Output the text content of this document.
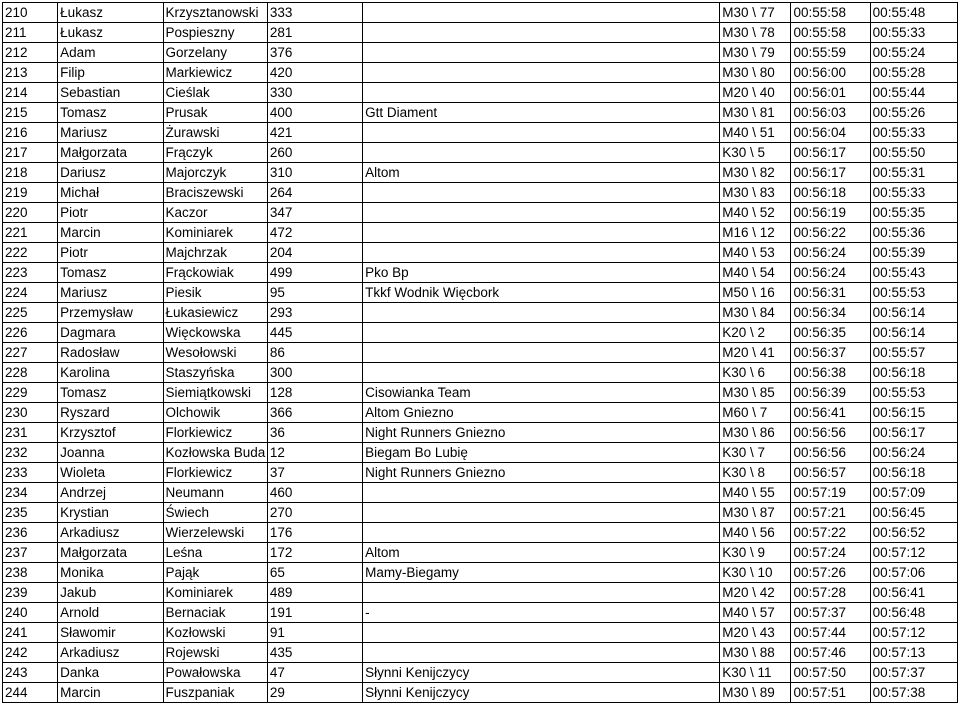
210	Łukasz	Krzysztanowski	333		M30 \ 77	00:55:58	00:55:48
211	Łukasz	Pospieszny	281		M30 \ 78	00:55:58	00:55:33
212	Adam	Gorzelany	376		M30 \ 79	00:55:59	00:55:24
213	Filip	Markiewicz	420		M30 \ 80	00:56:00	00:55:28
214	Sebastian	Cieślak	330		M20 \ 40	00:56:01	00:55:44
215	Tomasz	Prusak	400	Gtt Diament	M30 \ 81	00:56:03	00:55:26
216	Mariusz	Żurawski	421		M40 \ 51	00:56:04	00:55:33
217	Małgorzata	Frączyk	260		K30 \ 5	00:56:17	00:55:50
218	Dariusz	Majorczyk	310	Altom	M30 \ 82	00:56:17	00:55:31
219	Michał	Braciszewski	264		M30 \ 83	00:56:18	00:55:33
220	Piotr	Kaczor	347		M40 \ 52	00:56:19	00:55:35
221	Marcin	Kominiarek	472		M16 \ 12	00:56:22	00:55:36
222	Piotr	Majchrzak	204		M40 \ 53	00:56:24	00:55:39
223	Tomasz	Frąckowiak	499	Pko Bp	M40 \ 54	00:56:24	00:55:43
224	Mariusz	Piesik	95	Tkkf Wodnik Więcbork	M50 \ 16	00:56:31	00:55:53
225	Przemysław	Łukasiewicz	293		M30 \ 84	00:56:34	00:56:14
226	Dagmara	Więckowska	445		K20 \ 2	00:56:35	00:56:14
227	Radosław	Wesołowski	86		M20 \ 41	00:56:37	00:55:57
228	Karolina	Staszyńska	300		K30 \ 6	00:56:38	00:56:18
229	Tomasz	Siemiątkowski	128	Cisowianka Team	M30 \ 85	00:56:39	00:55:53
230	Ryszard	Olchowik	366	Altom Gniezno	M60 \ 7	00:56:41	00:56:15
231	Krzysztof	Florkiewicz	36	Night Runners Gniezno	M30 \ 86	00:56:56	00:56:17
232	Joanna	Kozłowska Buda	12	Biegam Bo Lubię	K30 \ 7	00:56:56	00:56:24
233	Wioleta	Florkiewicz	37	Night Runners Gniezno	K30 \ 8	00:56:57	00:56:18
234	Andrzej	Neumann	460		M40 \ 55	00:57:19	00:57:09
235	Krystian	Świech	270		M30 \ 87	00:57:21	00:56:45
236	Arkadiusz	Wierzelewski	176		M40 \ 56	00:57:22	00:56:52
237	Małgorzata	Leśna	172	Altom	K30 \ 9	00:57:24	00:57:12
238	Monika	Pająk	65	Mamy-Biegamy	K30 \ 10	00:57:26	00:57:06
239	Jakub	Kominiarek	489		M20 \ 42	00:57:28	00:56:41
240	Arnold	Bernaciak	191	-	M40 \ 57	00:57:37	00:56:48
241	Sławomir	Kozłowski	91		M20 \ 43	00:57:44	00:57:12
242	Arkadiusz	Rojewski	435		M30 \ 88	00:57:46	00:57:13
243	Danka	Powałowska	47	Słynni Kenijczycy	K30 \ 11	00:57:50	00:57:37
244	Marcin	Fuszpaniak	29	Słynni Kenijczycy	M30 \ 89	00:57:51	00:57:38
